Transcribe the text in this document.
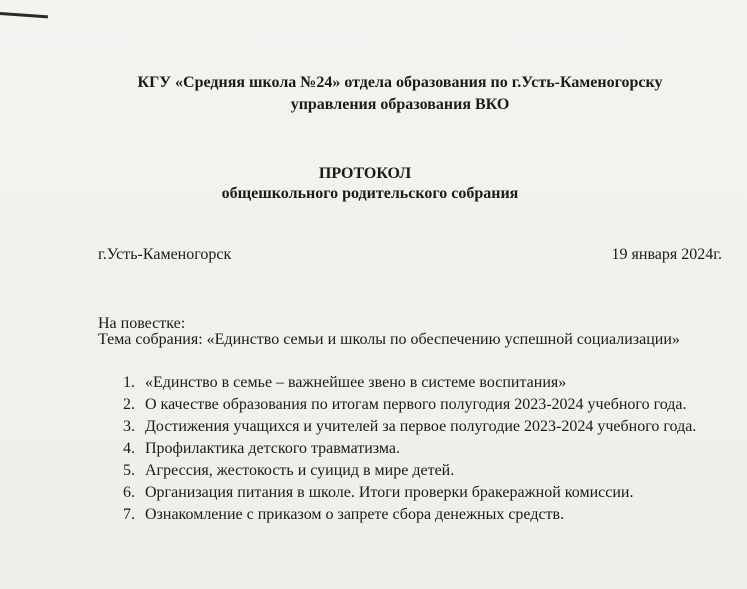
КГУ «Средняя школа №24» отдела образования по г.Усть-Каменогорску
управления образования ВКО
ПРОТОКОЛ
общешкольного родительского собрания
г.Усть-Каменогорск	19 января 2024г.
На повестке:
Тема собрания: «Единство семьи и школы по обеспечению успешной социализации»
1. «Единство в семье – важнейшее звено в системе воспитания»
2. О качестве образования по итогам первого полугодия 2023-2024 учебного года.
3. Достижения учащихся и учителей за первое полугодие 2023-2024 учебного года.
4. Профилактика детского травматизма.
5. Агрессия, жестокость и суицид в мире детей.
6. Организация питания в школе. Итоги проверки бракеражной комиссии.
7. Ознакомление с приказом о запрете сбора денежных средств.
